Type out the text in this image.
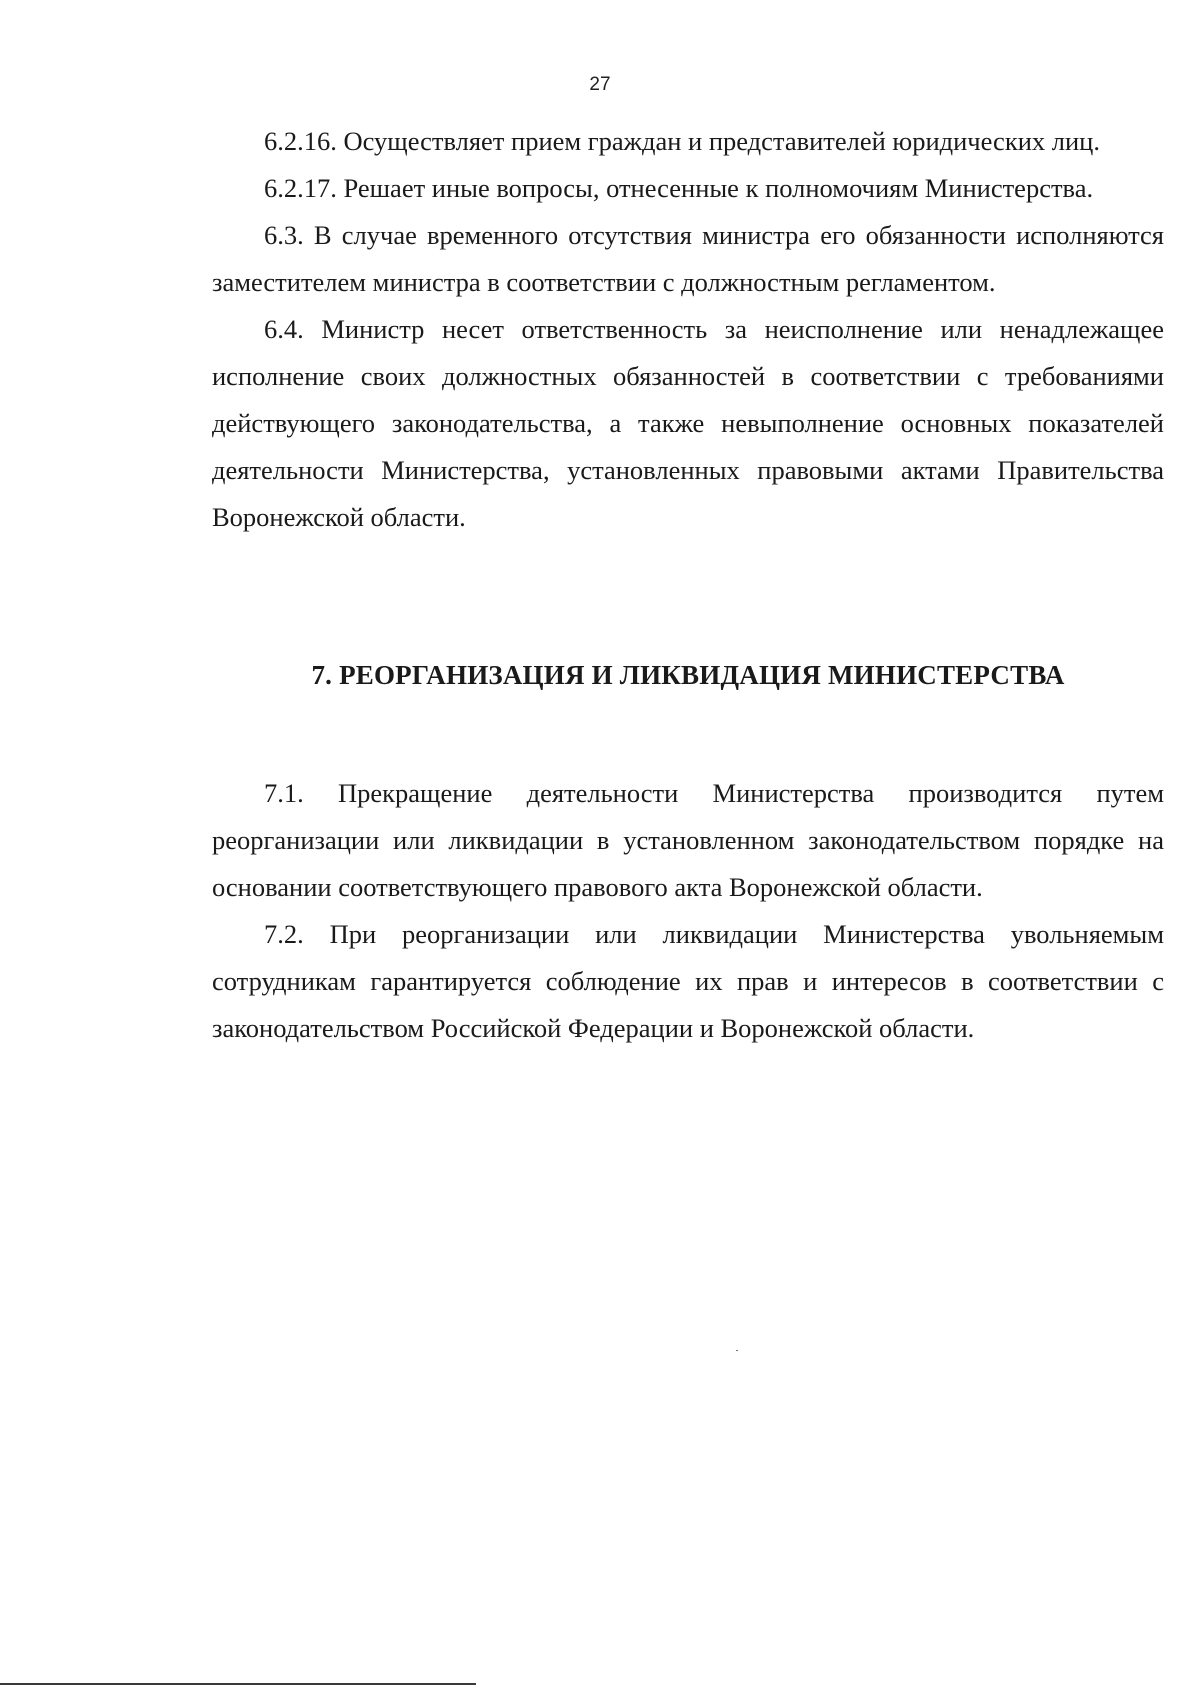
27

6.2.16. Осуществляет прием граждан и представителей юридических лиц.

6.2.17. Решает иные вопросы, отнесенные к полномочиям Министерства.

6.3. В случае временного отсутствия министра его обязанности исполняются заместителем министра в соответствии с должностным регламентом.

6.4. Министр несет ответственность за неисполнение или ненадлежащее исполнение своих должностных обязанностей в соответствии с требованиями действующего законодательства, а также невыполнение основных показателей деятельности Министерства, установленных правовыми актами Правительства Воронежской области.

7. РЕОРГАНИЗАЦИЯ И ЛИКВИДАЦИЯ МИНИСТЕРСТВА

7.1. Прекращение деятельности Министерства производится путем реорганизации или ликвидации в установленном законодательством порядке на основании соответствующего правового акта Воронежской области.

7.2. При реорганизации или ликвидации Министерства увольняемым сотрудникам гарантируется соблюдение их прав и интересов в соответствии с законодательством Российской Федерации и Воронежской области.
